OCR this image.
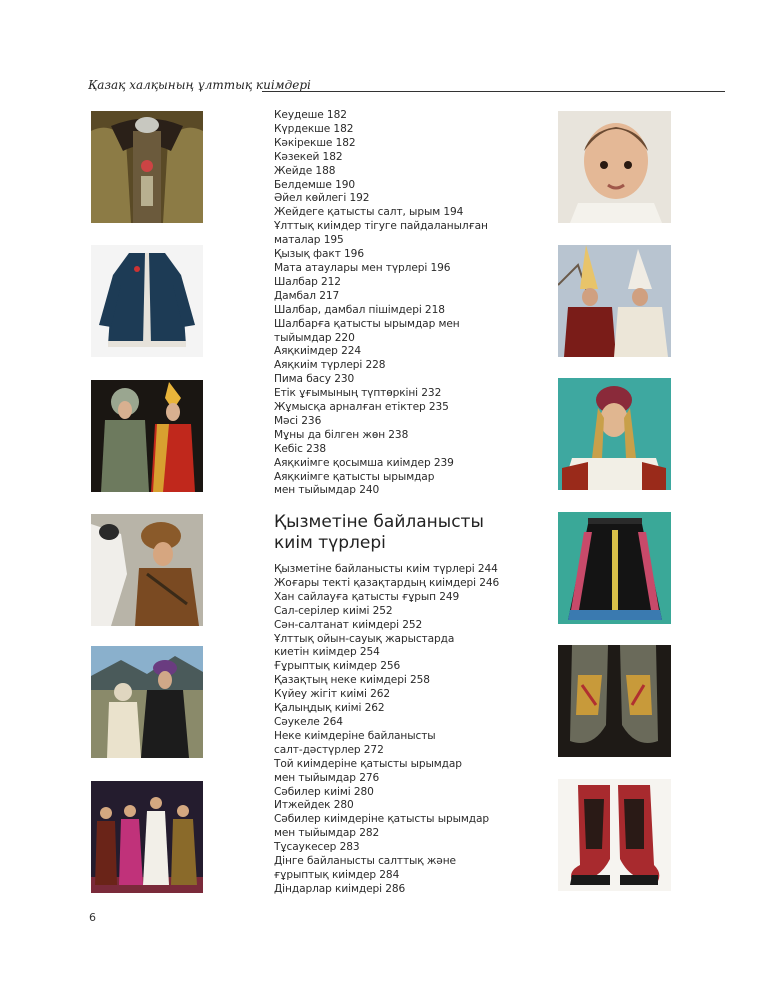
Қазақ халқының ұлттық киімдері
Кеудеше 182
Күрдекше 182
Кәкірекше 182
Кәзекей 182
Жейде 188
Белдемше 190
Әйел көйлегі 192
Жейдеге қатысты салт, ырым 194
Ұлттық киімдер тігуге пайдаланылған
маталар 195
Қызық факт 196
Мата атаулары мен түрлері 196
Шалбар 212
Дамбал 217
Шалбар, дамбал пішімдері 218
Шалбарға қатысты ырымдар мен
тыйымдар 220
Аяқкиімдер 224
Аяқкиім түрлері 228
Пима басу 230
Етік ұғымының түптөркіні 232
Жұмысқа арналған етіктер 235
Мәсі 236
Мұны да білген жөн 238
Кебіс 238
Аяқкиімге қосымша киімдер 239
Аяқкиімге қатысты ырымдар
мен тыйымдар 240
Қызметіне байланысты
киім түрлері
Қызметіне байланысты киім түрлері 244
Жоғары текті қазақтардың киімдері 246
Хан сайлауға қатысты ғұрып 249
Сал-серілер киімі 252
Сән-салтанат киімдері 252
Ұлттық ойын-сауық жарыстарда
киетін киімдер 254
Ғұрыптық киімдер 256
Қазақтың неке киімдері 258
Күйеу жігіт киімі 262
Қалыңдық киімі 262
Сәукеле 264
Неке киімдеріне байланысты
салт-дәстүрлер 272
Той киімдеріне қатысты ырымдар
мен тыйымдар 276
Сәбилер киімі 280
Итжейдек 280
Сәбилер киімдеріне қатысты ырымдар
мен тыйымдар 282
Тұсаукесер 283
Дінге байланысты салттық және
ғұрыптық киімдер 284
Діндарлар киімдері 286
6
